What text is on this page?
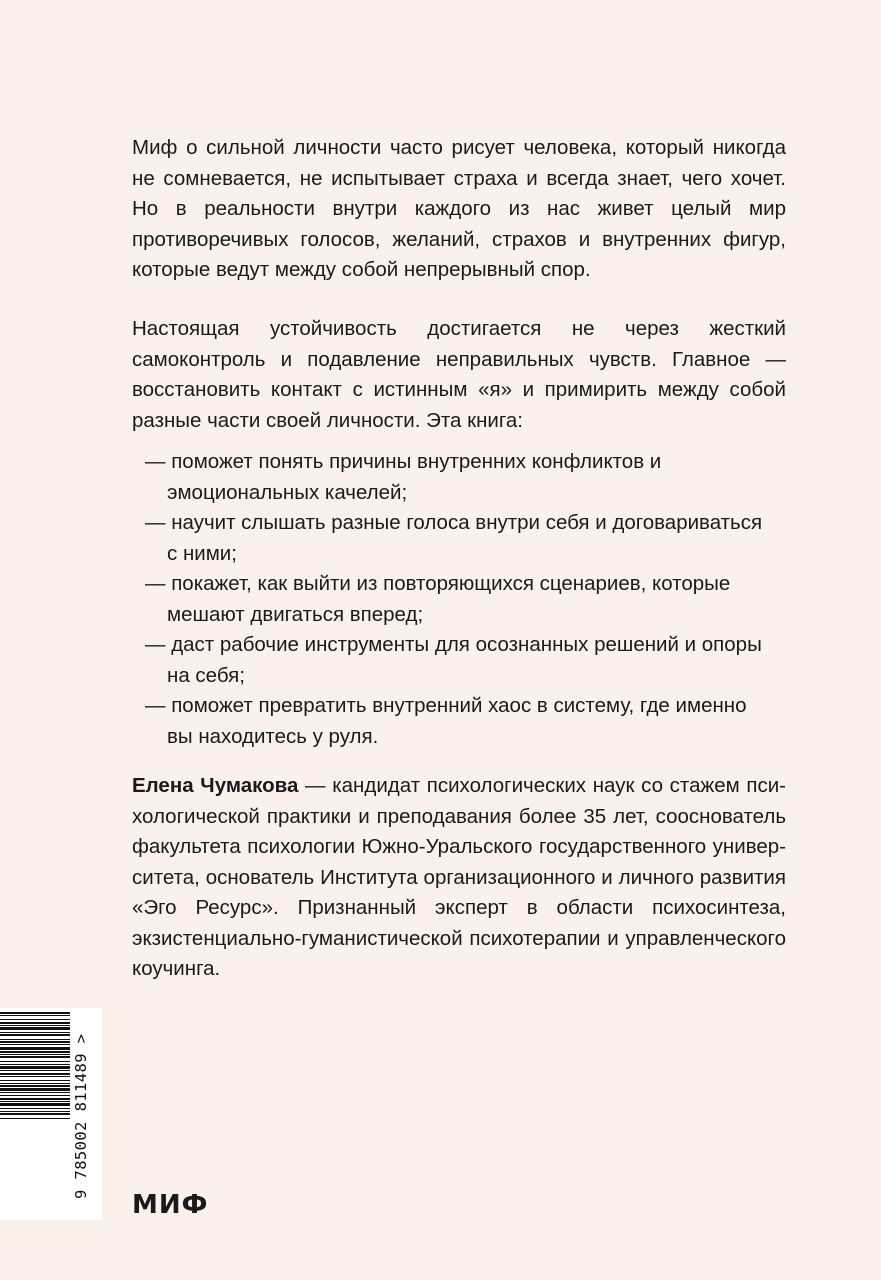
Миф о сильной личности часто рисует человека, который никогда не сомневается, не испытывает страха и всегда знает, чего хочет. Но в реальности внутри каждого из нас живет целый мир противоречивых голосов, желаний, страхов и внутренних фигур, которые ведут между собой непрерывный спор.
Настоящая устойчивость достигается не через жесткий самоконтроль и подавление неправильных чувств. Главное — восстановить контакт с истинным «я» и примирить между собой разные части своей личности. Эта книга:
— поможет понять причины внутренних конфликтов и эмоциональных качелей;
— научит слышать разные голоса внутри себя и договариваться с ними;
— покажет, как выйти из повторяющихся сценариев, которые мешают двигаться вперед;
— даст рабочие инструменты для осознанных решений и опоры на себя;
— поможет превратить внутренний хаос в систему, где именно вы находитесь у руля.
Елена Чумакова — кандидат психологических наук со стажем психологической практики и преподавания более 35 лет, сооснователь факультета психологии Южно-Уральского государственного университета, основатель Института организационного и личного развития «Эго Ресурс». Признанный эксперт в области психосинтеза, экзистенциально-гуманистической психотерапии и управленческого коучинга.
9 785002 811489 >
МИФ
